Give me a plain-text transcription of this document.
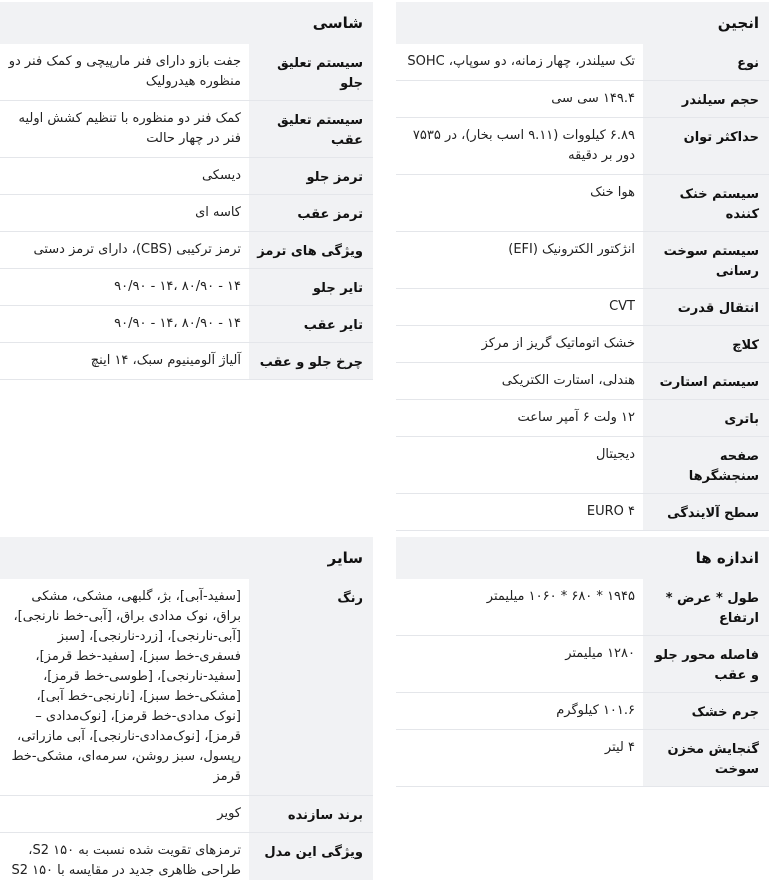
انجین
نوع	تک سیلندر، چهار زمانه، دو سوپاپ، SOHC
حجم سیلندر	۱۴۹.۴ سی سی
حداکثر توان	۶.۸۹ کیلووات (۹.۱۱ اسب بخار)، در ۷۵۳۵ دور بر دقیقه
سیستم خنک کننده	هوا خنک
سیستم سوخت رسانی	انژکتور الکترونیک (EFI)
انتقال قدرت	CVT
کلاچ	خشک اتوماتیک گریز از مرکز
سیستم استارت	هندلی، استارت الکتریکی
باتری	۱۲ ولت ۶ آمپر ساعت
صفحه سنجشگرها	دیجیتال
سطح آلایندگی	EURO ۴
شاسی
سیستم تعلیق جلو	جفت بازو دارای فنر مارپیچی و کمک فنر دو منظوره هیدرولیک
سیستم تعلیق عقب	کمک فنر دو منظوره با تنظیم کشش اولیه فنر در چهار حالت
ترمز جلو	دیسکی
ترمز عقب	کاسه ای
ویژگی های ترمز	ترمز ترکیبی (CBS)، دارای ترمز دستی
تایر جلو	۱۴ - ۸۰/۹۰ ،۱۴ - ۹۰/۹۰
تایر عقب	۱۴ - ۸۰/۹۰ ،۱۴ - ۹۰/۹۰
چرخ جلو و عقب	آلیاژ آلومینیوم سبک، ۱۴ اینچ
اندازه ها
طول * عرض * ارتفاع	۱۹۴۵ * ۶۸۰ * ۱۰۶۰ میلیمتر
فاصله محور جلو و عقب	۱۲۸۰ میلیمتر
جرم خشک	۱۰۱.۶ کیلوگرم
گنجایش مخزن سوخت	۴ لیتر
سایر
رنگ	[سفید-آبی]، بژ، گلبهی، مشکی، مشکی براق، نوک مدادی براق، [آبی-خط نارنجی]، [آبی-نارنجی]، [زرد-نارنجی]، [سبز فسفری-خط سبز]، [سفید-خط قرمز]، [سفید-نارنجی]، [طوسی-خط قرمز]، [مشکی-خط سبز]، [نارنجی-خط آبی]، [نوک مدادی-خط قرمز]، [نوک‌مدادی – قرمز]، [نوک‌مدادی-نارنجی]، آبی مازراتی، رپسول، سبز روشن، سرمه‌ای، مشکی-خط قرمز
برند سازنده	کویر
ویژگی این مدل	ترمزهای تقویت شده نسبت به S2 ۱۵۰، طراحی ظاهری جدید در مقایسه با S2 ۱۵۰
